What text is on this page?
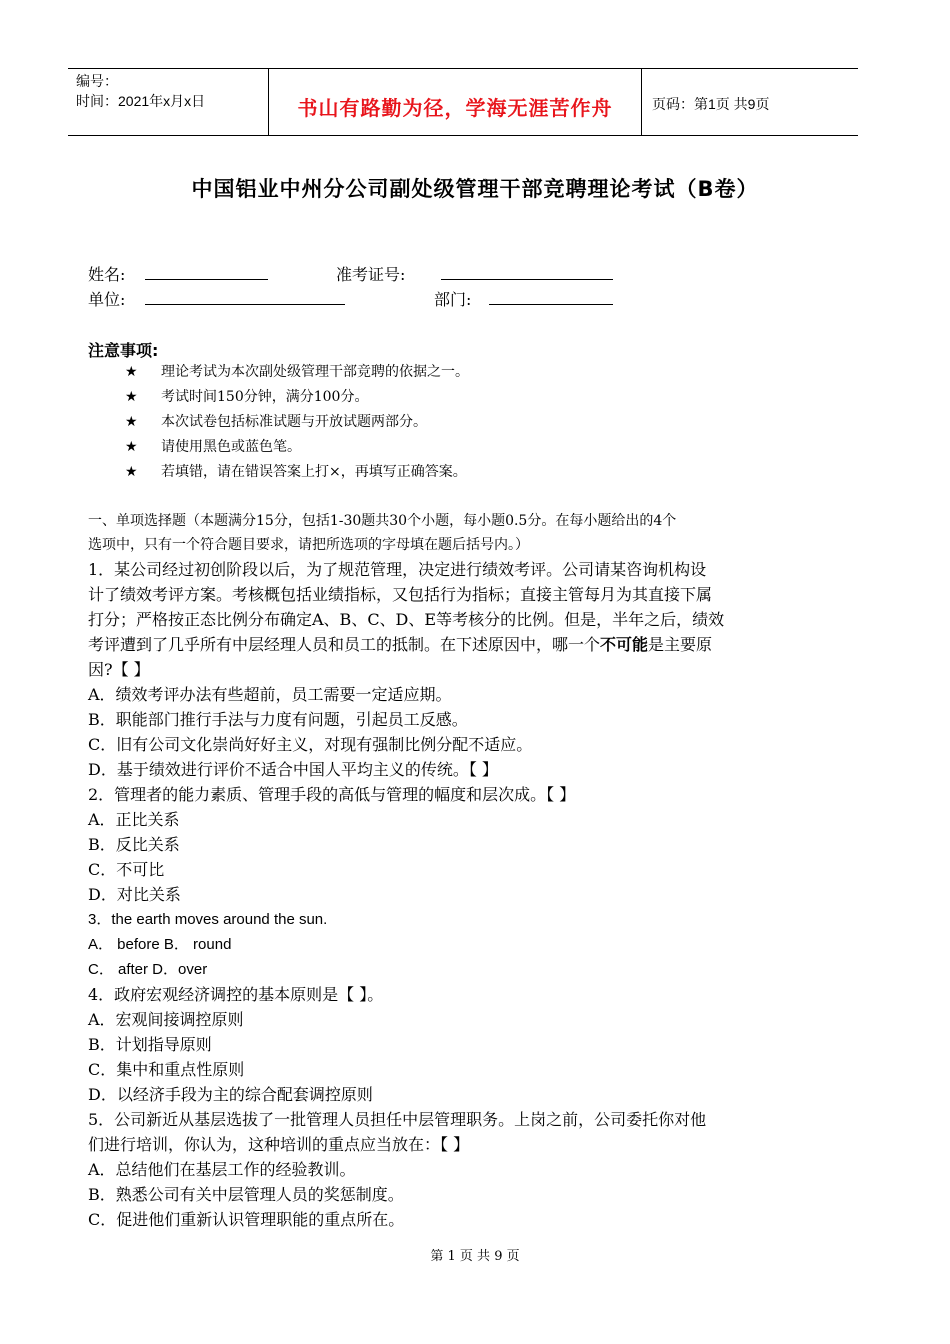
编号：
时间：2021年x月x日	书山有路勤为径，学海无涯苦作舟	页码：第1页 共9页
中国铝业中州分公司副处级管理干部竞聘理论考试（B卷）
姓名:	准考证号:
单位:	部门:
注意事项:
★ 理论考试为本次副处级管理干部竞聘的依据之一。
★ 考试时间150分钟，满分100分。
★ 本次试卷包括标准试题与开放试题两部分。
★ 请使用黑色或蓝色笔。
★ 若填错，请在错误答案上打×，再填写正确答案。
一、单项选择题（本题满分15分，包括1-30题共30个小题，每小题0.5分。在每小题给出的4个
选项中，只有一个符合题目要求，请把所选项的字母填在题后括号内。）
1．某公司经过初创阶段以后，为了规范管理，决定进行绩效考评。公司请某咨询机构设
计了绩效考评方案。考核概包括业绩指标，又包括行为指标；直接主管每月为其直接下属
打分；严格按正态比例分布确定A、B、C、D、E等考核分的比例。但是，半年之后，绩效
考评遭到了几乎所有中层经理人员和员工的抵制。在下述原因中，哪一个不可能是主要原
因?【 】
A．绩效考评办法有些超前，员工需要一定适应期。
B．职能部门推行手法与力度有问题，引起员工反感。
C．旧有公司文化崇尚好好主义，对现有强制比例分配不适应。
D．基于绩效进行评价不适合中国人平均主义的传统。【 】
2．管理者的能力素质、管理手段的高低与管理的幅度和层次成。【 】
A．正比关系
B．反比关系
C．不可比
D．对比关系
3．the earth moves around the sun.
A． before B． round
C． after D．over
4．政府宏观经济调控的基本原则是【 】。
A．宏观间接调控原则
B．计划指导原则
C．集中和重点性原则
D．以经济手段为主的综合配套调控原则
5．公司新近从基层选拔了一批管理人员担任中层管理职务。上岗之前，公司委托你对他
们进行培训，你认为，这种培训的重点应当放在：【 】
A．总结他们在基层工作的经验教训。
B．熟悉公司有关中层管理人员的奖惩制度。
C．促进他们重新认识管理职能的重点所在。
第 1 页 共 9 页
